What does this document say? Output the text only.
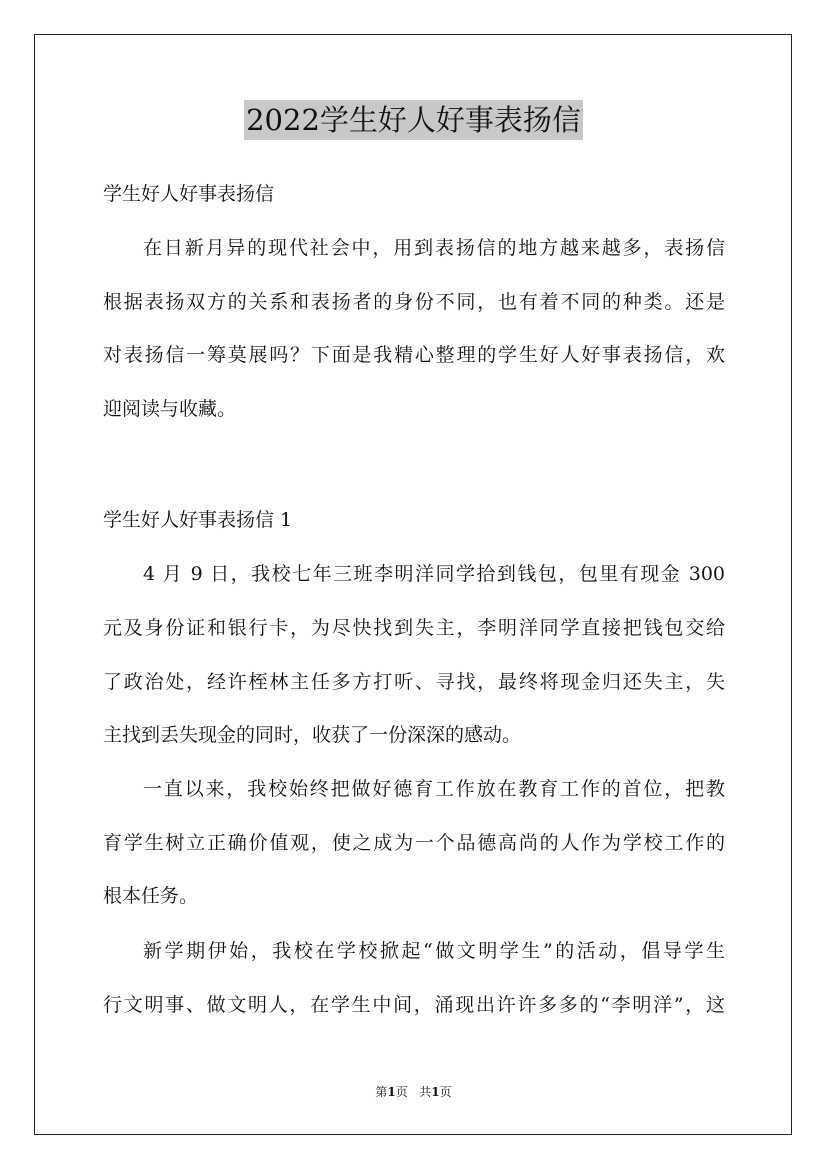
2022学生好人好事表扬信
学生好人好事表扬信
在日新月异的现代社会中，用到表扬信的地方越来越多，表扬信
根据表扬双方的关系和表扬者的身份不同，也有着不同的种类。还是
对表扬信一筹莫展吗？下面是我精心整理的学生好人好事表扬信，欢
迎阅读与收藏。
学生好人好事表扬信 1
4 月 9 日，我校七年三班李明洋同学拾到钱包，包里有现金 300
元及身份证和银行卡，为尽快找到失主，李明洋同学直接把钱包交给
了政治处，经许桎林主任多方打听、寻找，最终将现金归还失主，失
主找到丢失现金的同时，收获了一份深深的感动。
一直以来，我校始终把做好德育工作放在教育工作的首位，把教
育学生树立正确价值观，使之成为一个品德高尚的人作为学校工作的
根本任务。
新学期伊始，我校在学校掀起“做文明学生”的活动，倡导学生
行文明事、做文明人，在学生中间，涌现出许许多多的“李明洋”，这
第1页 共1页
